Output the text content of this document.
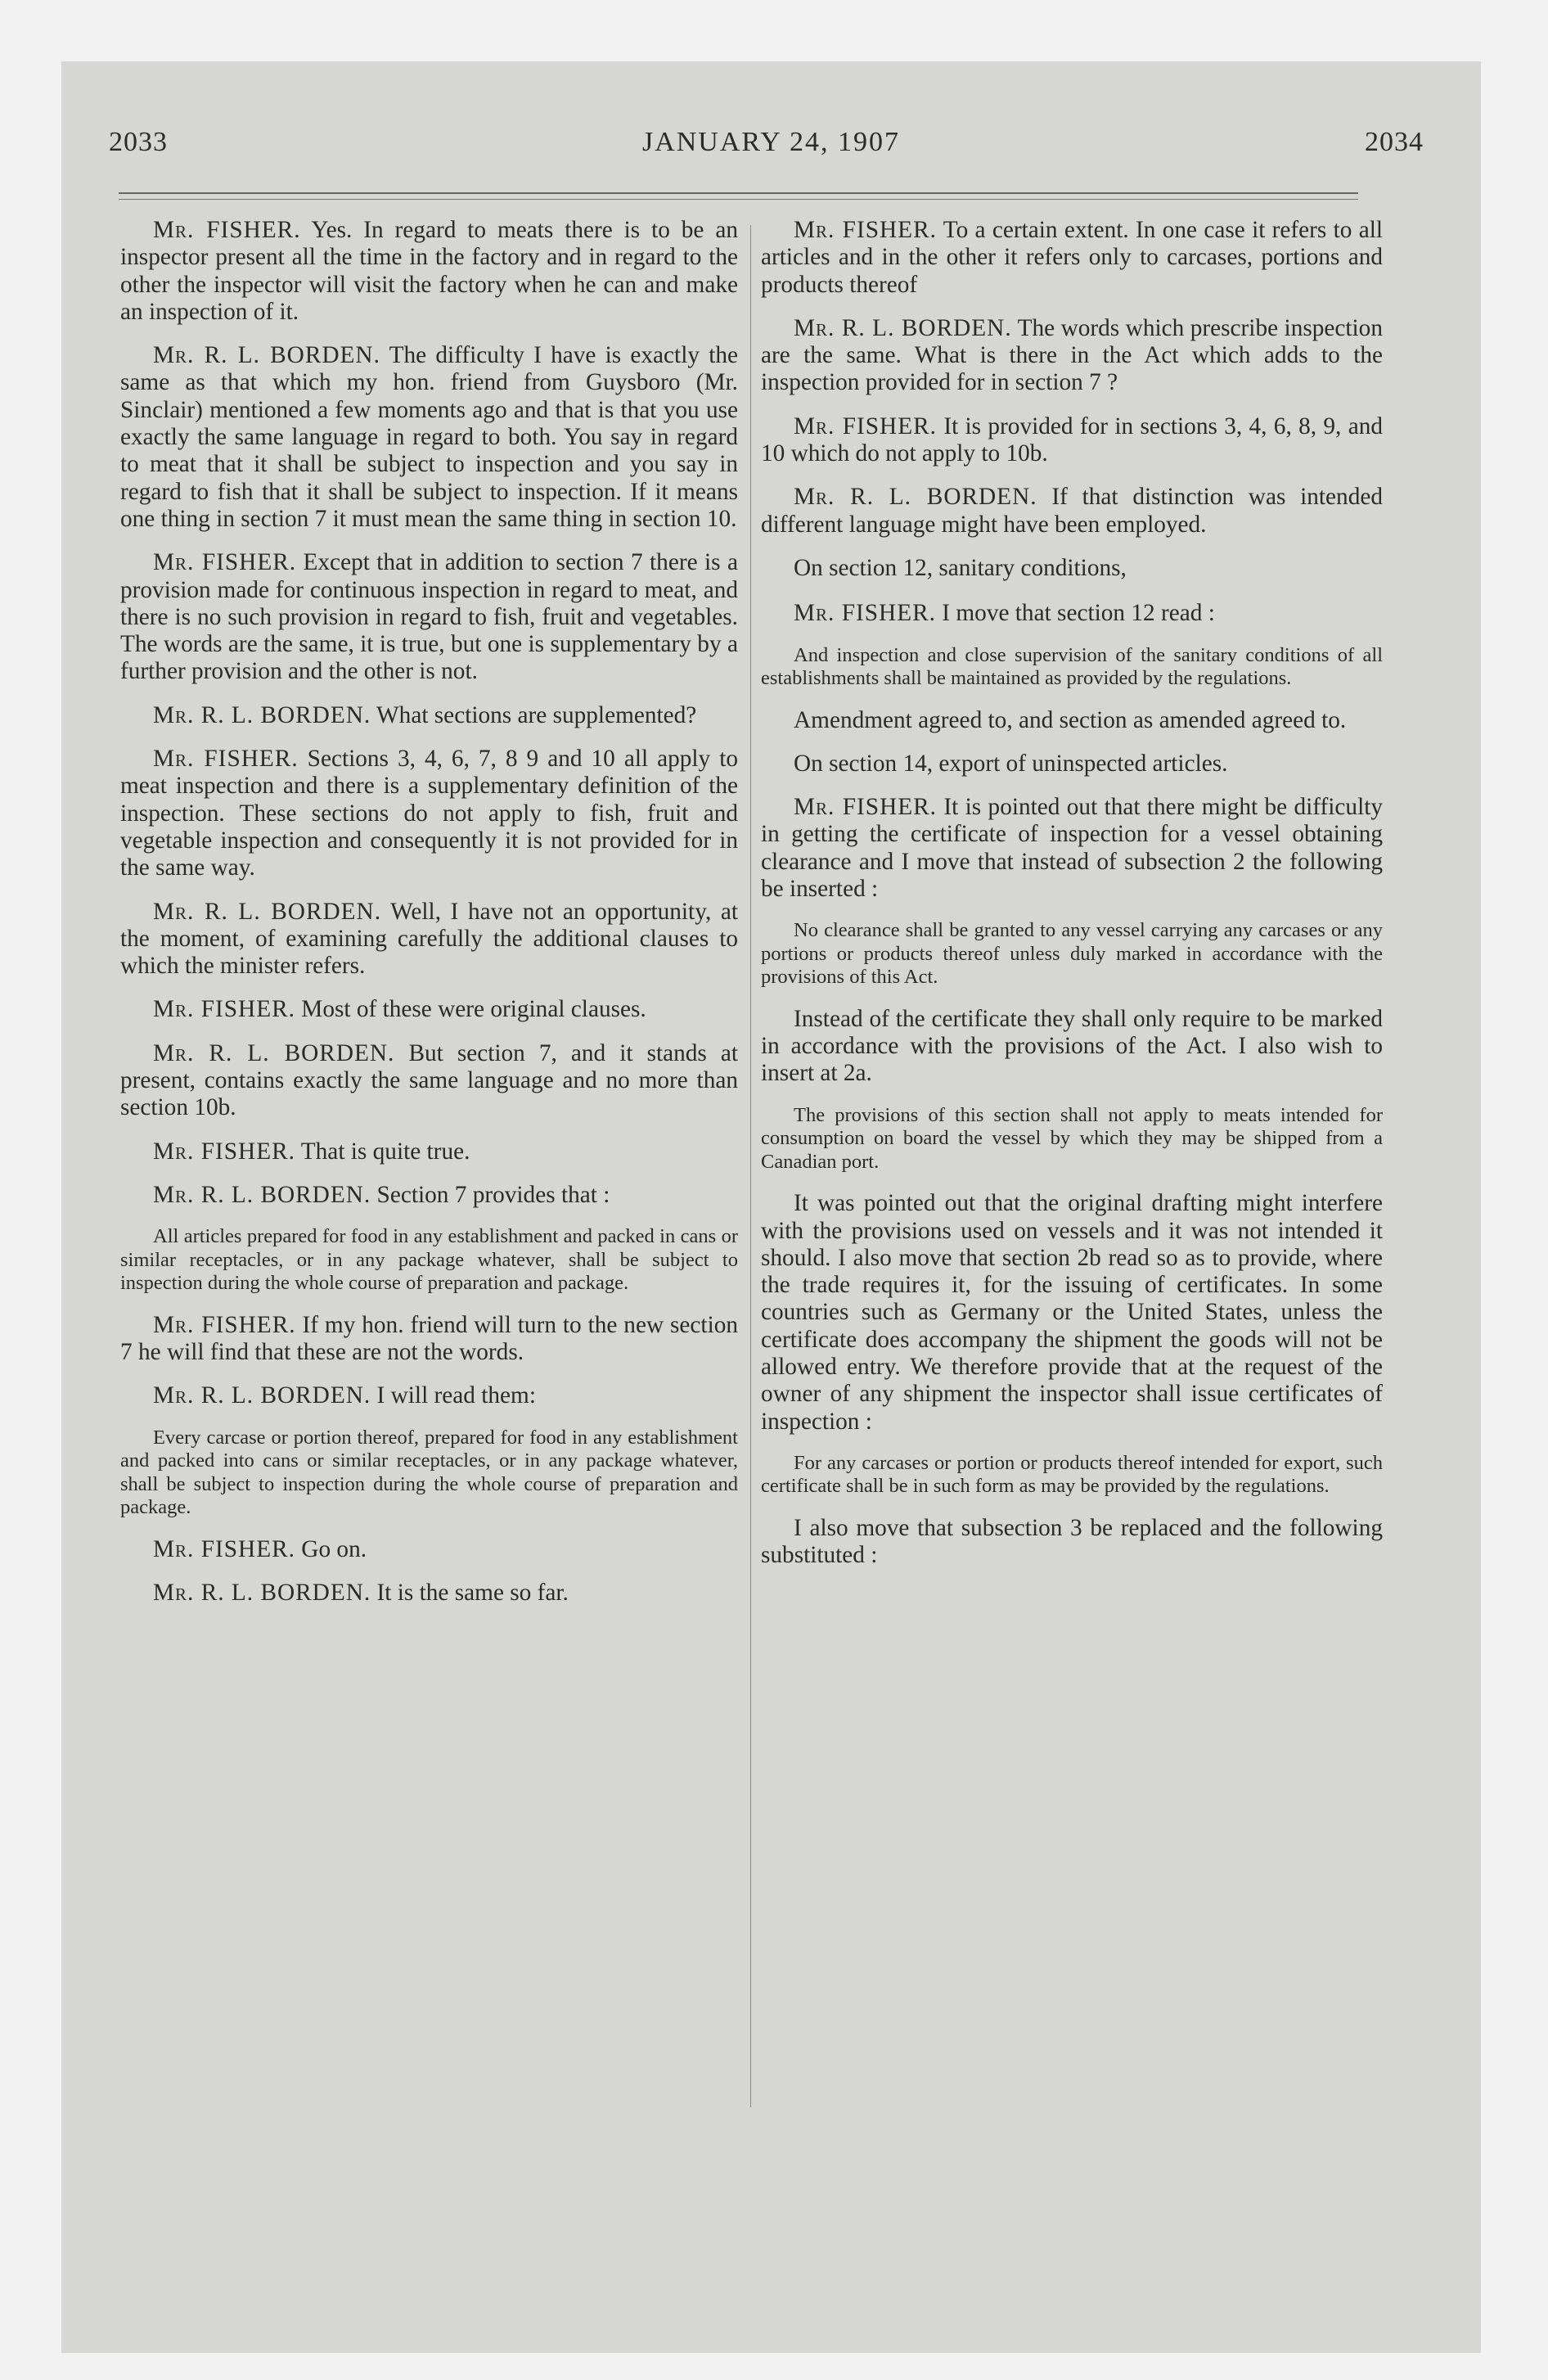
2033	JANUARY 24, 1907	2034

Mr. FISHER. Yes. In regard to meats there is to be an inspector present all the time in the factory and in regard to the other the inspector will visit the factory when he can and make an inspection of it.

Mr. R. L. BORDEN. The difficulty I have is exactly the same as that which my hon. friend from Guysboro (Mr. Sinclair) mentioned a few moments ago and that is that you use exactly the same language in regard to both. You say in regard to meat that it shall be subject to inspection and you say in regard to fish that it shall be subject to inspection. If it means one thing in section 7 it must mean the same thing in section 10.

Mr. FISHER. Except that in addition to section 7 there is a provision made for continuous inspection in regard to meat, and there is no such provision in regard to fish, fruit and vegetables. The words are the same, it is true, but one is supplementary by a further provision and the other is not.

Mr. R. L. BORDEN. What sections are supplemented?

Mr. FISHER. Sections 3, 4, 6, 7, 8 9 and 10 all apply to meat inspection and there is a supplementary definition of the inspection. These sections do not apply to fish, fruit and vegetable inspection and consequently it is not provided for in the same way.

Mr. R. L. BORDEN. Well, I have not an opportunity, at the moment, of examining carefully the additional clauses to which the minister refers.

Mr. FISHER. Most of these were original clauses.

Mr. R. L. BORDEN. But section 7, and it stands at present, contains exactly the same language and no more than section 10b.

Mr. FISHER. That is quite true.

Mr. R. L. BORDEN. Section 7 provides that :

All articles prepared for food in any establishment and packed in cans or similar receptacles, or in any package whatever, shall be subject to inspection during the whole course of preparation and package.

Mr. FISHER. If my hon. friend will turn to the new section 7 he will find that these are not the words.

Mr. R. L. BORDEN. I will read them:

Every carcase or portion thereof, prepared for food in any establishment and packed into cans or similar receptacles, or in any package whatever, shall be subject to inspection during the whole course of preparation and package.

Mr. FISHER. Go on.

Mr. R. L. BORDEN. It is the same so far.

Mr. FISHER. To a certain extent. In one case it refers to all articles and in the other it refers only to carcases, portions and products thereof

Mr. R. L. BORDEN. The words which prescribe inspection are the same. What is there in the Act which adds to the inspection provided for in section 7 ?

Mr. FISHER. It is provided for in sections 3, 4, 6, 8, 9, and 10 which do not apply to 10b.

Mr. R. L. BORDEN. If that distinction was intended different language might have been employed.

On section 12, sanitary conditions,

Mr. FISHER. I move that section 12 read :

And inspection and close supervision of the sanitary conditions of all establishments shall be maintained as provided by the regulations.

Amendment agreed to, and section as amended agreed to.

On section 14, export of uninspected articles.

Mr. FISHER. It is pointed out that there might be difficulty in getting the certificate of inspection for a vessel obtaining clearance and I move that instead of subsection 2 the following be inserted :

No clearance shall be granted to any vessel carrying any carcases or any portions or products thereof unless duly marked in accordance with the provisions of this Act.

Instead of the certificate they shall only require to be marked in accordance with the provisions of the Act. I also wish to insert at 2a.

The provisions of this section shall not apply to meats intended for consumption on board the vessel by which they may be shipped from a Canadian port.

It was pointed out that the original drafting might interfere with the provisions used on vessels and it was not intended it should. I also move that section 2b read so as to provide, where the trade requires it, for the issuing of certificates. In some countries such as Germany or the United States, unless the certificate does accompany the shipment the goods will not be allowed entry. We therefore provide that at the request of the owner of any shipment the inspector shall issue certificates of inspection :

For any carcases or portion or products thereof intended for export, such certificate shall be in such form as may be provided by the regulations.

I also move that subsection 3 be replaced and the following substituted :
